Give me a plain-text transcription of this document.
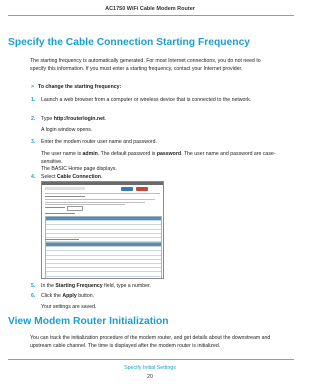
AC1750 WiFi Cable Modem Router
Specify the Cable Connection Starting Frequency

The starting frequency is automatically generated. For most Internet connections, you do not need to specify this information. If you must enter a starting frequency, contact your Internet provider.

> To change the starting frequency:
1. Launch a web browser from a computer or wireless device that is connected to the network.
2. Type http://routerlogin.net.
A login window opens.
3. Enter the modem router user name and password.
The user name is admin. The default password is password. The user name and password are case-sensitive.
The BASIC Home page displays.
4. Select Cable Connection.
5. In the Starting Frequency field, type a number.
6. Click the Apply button.
Your settings are saved.
View Modem Router Initialization

You can track the initialization procedure of the modem router, and get details about the downstream and upstream cable channel. The time is displayed after the modem router is initialized.

Specify Initial Settings
20
